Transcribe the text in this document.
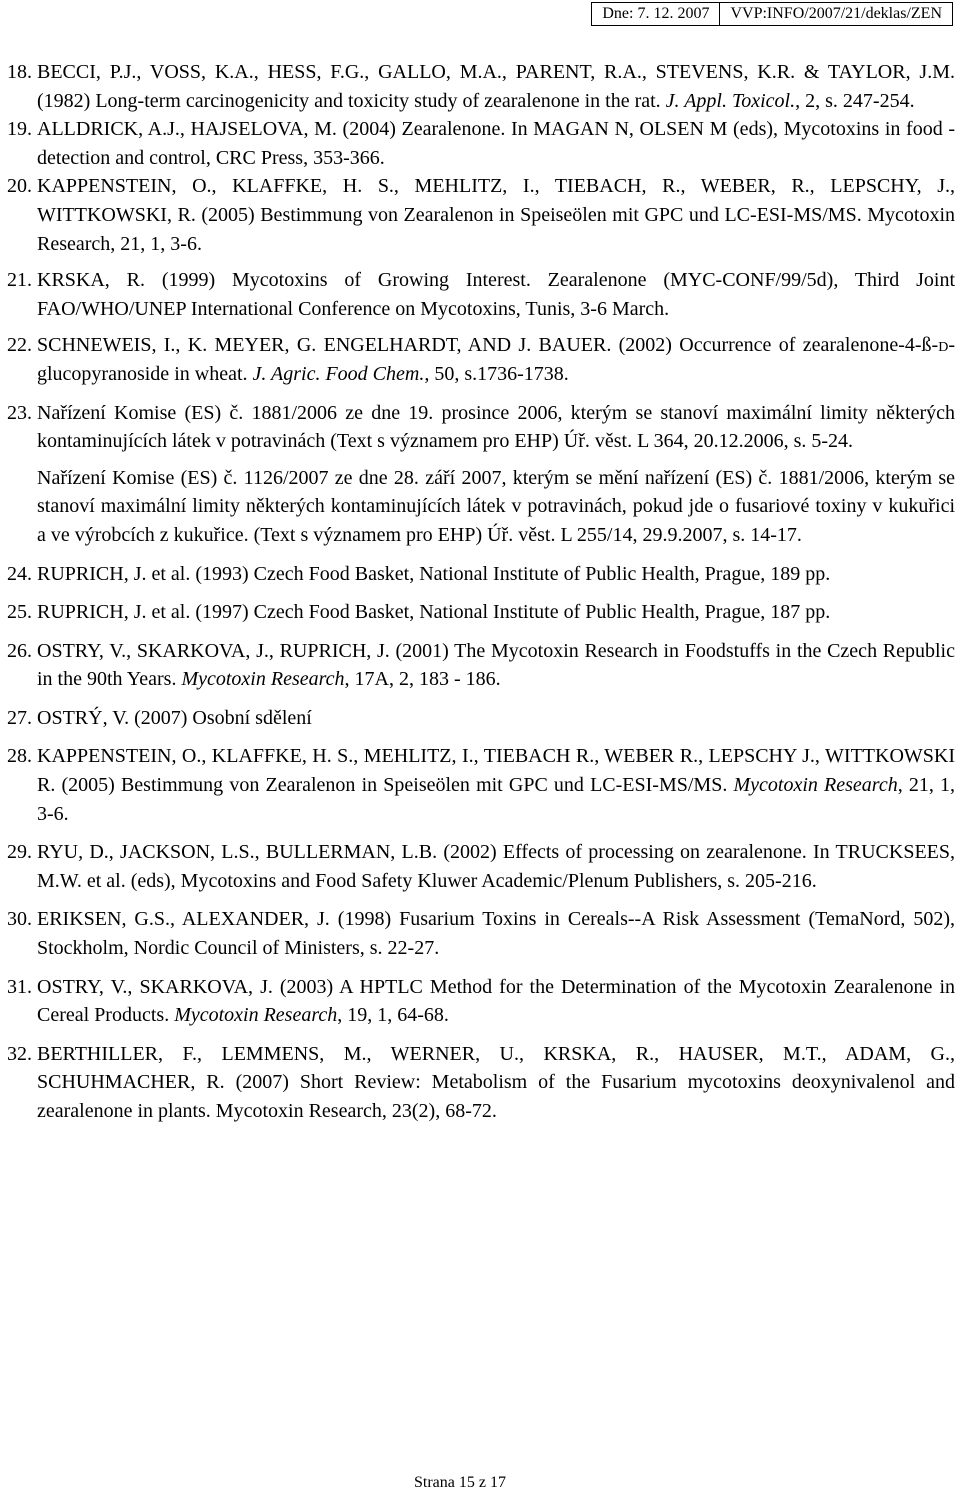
Dne: 7. 12. 2007	VVP:INFO/2007/21/deklas/ZEN
18. BECCI, P.J., VOSS, K.A., HESS, F.G., GALLO, M.A., PARENT, R.A., STEVENS, K.R. & TAYLOR, J.M. (1982) Long-term carcinogenicity and toxicity study of zearalenone in the rat. J. Appl. Toxicol., 2, s. 247-254.
19. ALLDRICK, A.J., HAJSELOVA, M. (2004) Zearalenone. In MAGAN N, OLSEN M (eds), Mycotoxins in food - detection and control, CRC Press, 353-366.
20. KAPPENSTEIN, O., KLAFFKE, H. S., MEHLITZ, I., TIEBACH, R., WEBER, R., LEPSCHY, J., WITTKOWSKI, R. (2005) Bestimmung von Zearalenon in Speiseölen mit GPC und LC-ESI-MS/MS. Mycotoxin Research, 21, 1, 3-6.
21. KRSKA, R. (1999) Mycotoxins of Growing Interest. Zearalenone (MYC-CONF/99/5d), Third Joint FAO/WHO/UNEP International Conference on Mycotoxins, Tunis, 3-6 March.
22. SCHNEWEIS, I., K. MEYER, G. ENGELHARDT, AND J. BAUER. (2002) Occurrence of zearalenone-4-ß-d-glucopyranoside in wheat. J. Agric. Food Chem., 50, s.1736-1738.
23. Nařízení Komise (ES) č. 1881/2006 ze dne 19. prosince 2006, kterým se stanoví maximální limity některých kontaminujících látek v potravinách (Text s významem pro EHP) Úř. věst. L 364, 20.12.2006, s. 5-24.
Nařízení Komise (ES) č. 1126/2007 ze dne 28. září 2007, kterým se mění nařízení (ES) č. 1881/2006, kterým se stanoví maximální limity některých kontaminujících látek v potravinách, pokud jde o fusariové toxiny v kukuřici a ve výrobcích z kukuřice. (Text s významem pro EHP) Úř. věst. L 255/14, 29.9.2007, s. 14-17.
24. RUPRICH, J. et al. (1993) Czech Food Basket, National Institute of Public Health, Prague, 189 pp.
25. RUPRICH, J. et al. (1997) Czech Food Basket, National Institute of Public Health, Prague, 187 pp.
26. OSTRY, V., SKARKOVA, J., RUPRICH, J. (2001) The Mycotoxin Research in Foodstuffs in the Czech Republic in the 90th Years. Mycotoxin Research, 17A, 2, 183 - 186.
27. OSTRÝ, V. (2007) Osobní sdělení
28. KAPPENSTEIN, O., KLAFFKE, H. S., MEHLITZ, I., TIEBACH R., WEBER R., LEPSCHY J., WITTKOWSKI R. (2005) Bestimmung von Zearalenon in Speiseölen mit GPC und LC-ESI-MS/MS. Mycotoxin Research, 21, 1, 3-6.
29. RYU, D., JACKSON, L.S., BULLERMAN, L.B. (2002) Effects of processing on zearalenone. In TRUCKSEES, M.W. et al. (eds), Mycotoxins and Food Safety Kluwer Academic/Plenum Publishers, s. 205-216.
30. ERIKSEN, G.S., ALEXANDER, J. (1998) Fusarium Toxins in Cereals--A Risk Assessment (TemaNord, 502), Stockholm, Nordic Council of Ministers, s. 22-27.
31. OSTRY, V., SKARKOVA, J. (2003) A HPTLC Method for the Determination of the Mycotoxin Zearalenone in Cereal Products. Mycotoxin Research, 19, 1, 64-68.
32. BERTHILLER, F., LEMMENS, M., WERNER, U., KRSKA, R., HAUSER, M.T., ADAM, G., SCHUHMACHER, R. (2007) Short Review: Metabolism of the Fusarium mycotoxins deoxynivalenol and zearalenone in plants. Mycotoxin Research, 23(2), 68-72.
Strana 15 z 17
